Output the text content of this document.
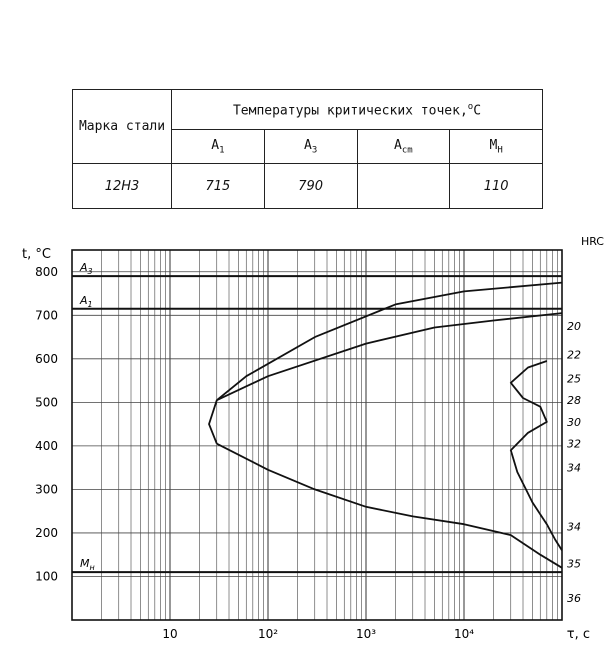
Марка стали	Температуры критических точек,$^o$C			
	$A_1$	$A_3$	$A_{cm}$	$M_H$
12H3	715	790		110
$A_3$
$A_1$
$M_н$
100
200
300
400
500
600
700
800
10	10²	10³	10⁴
t, °C
τ, c
HRC
20
22
25
28
30
32
34
34
35
36
